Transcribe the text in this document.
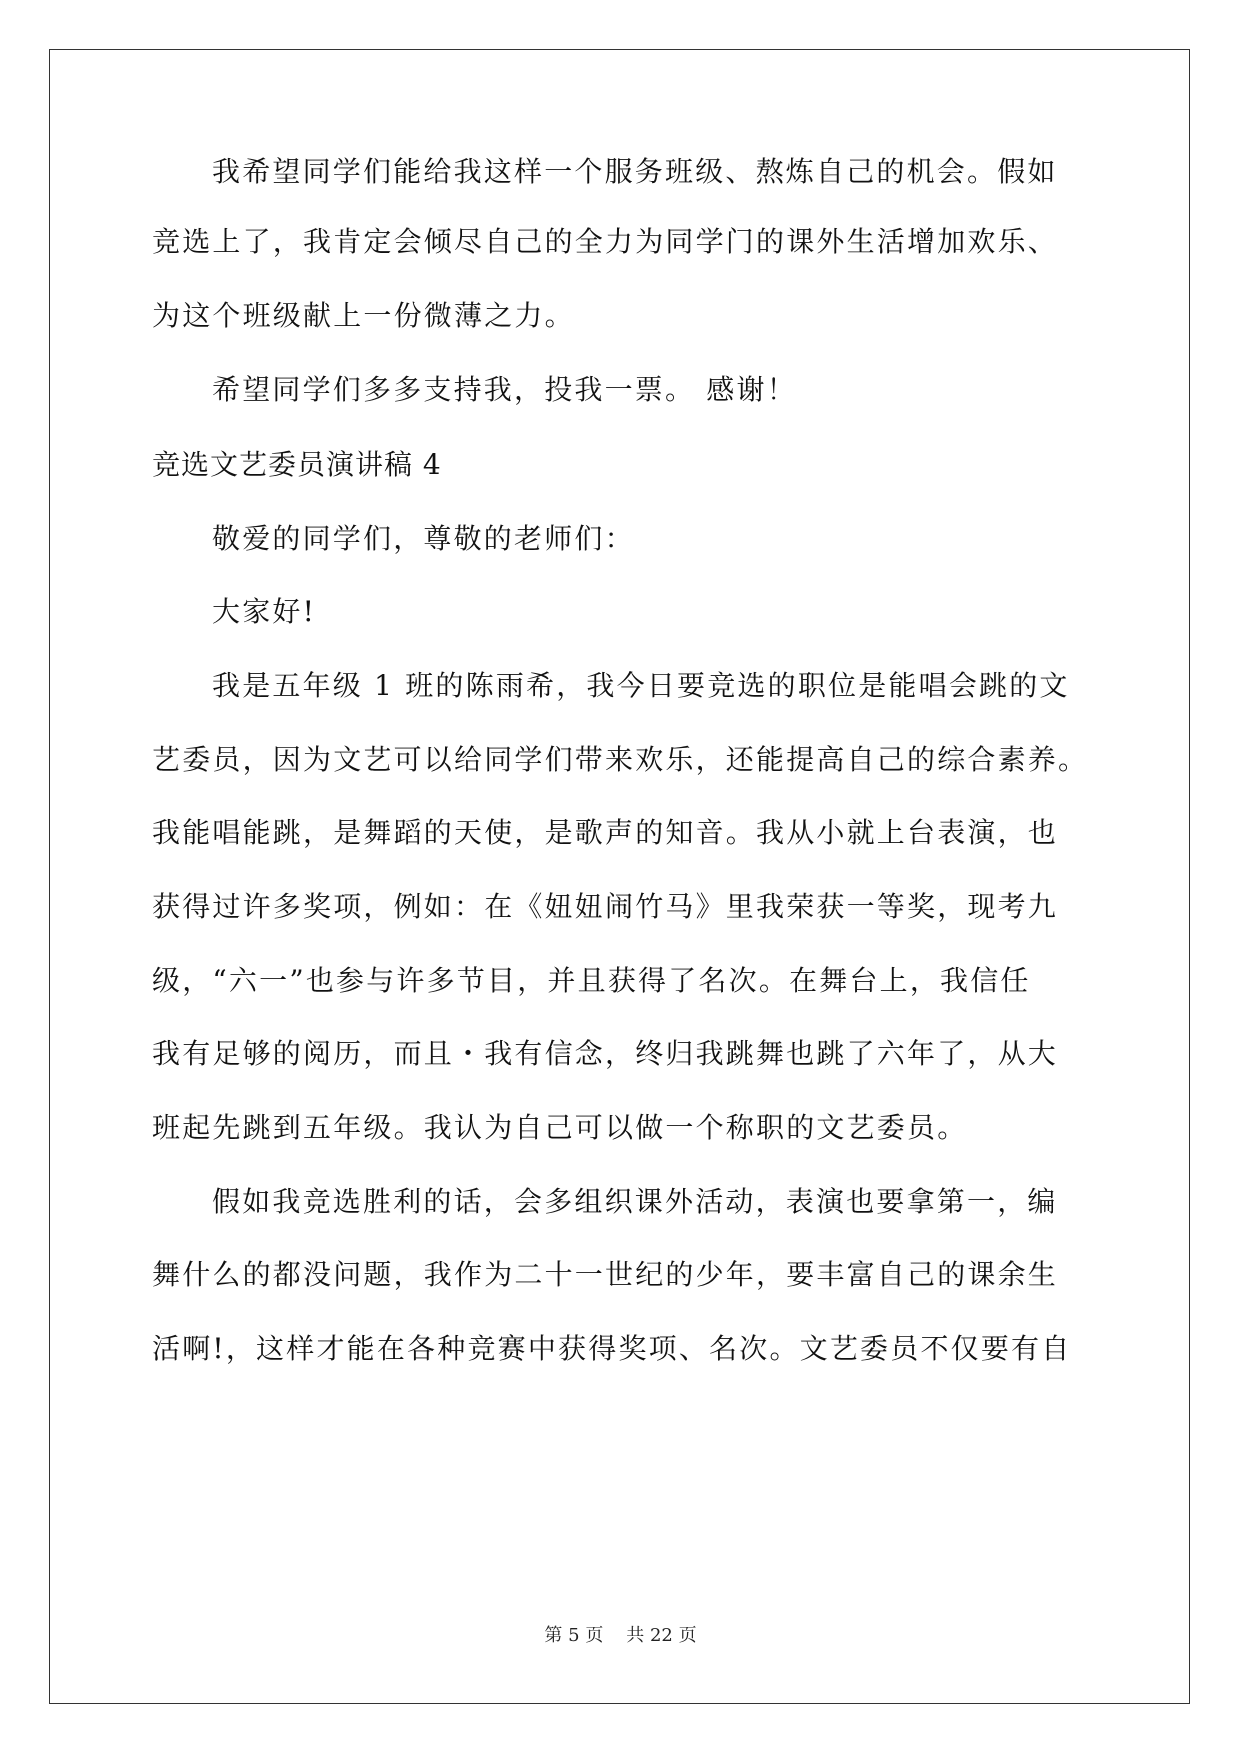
我希望同学们能给我这样一个服务班级、熬炼自己的机会。假如

竞选上了，我肯定会倾尽自己的全力为同学门的课外生活增加欢乐、

为这个班级献上一份微薄之力。

希望同学们多多支持我，投我一票。 感谢！

竞选文艺委员演讲稿 4

敬爱的同学们，尊敬的老师们：

大家好!

我是五年级 1 班的陈雨希，我今日要竞选的职位是能唱会跳的文

艺委员，因为文艺可以给同学们带来欢乐，还能提高自己的综合素养。

我能唱能跳，是舞蹈的天使，是歌声的知音。我从小就上台表演，也

获得过许多奖项，例如：在《妞妞闹竹马》里我荣获一等奖，现考九

级，“六一”也参与许多节目，并且获得了名次。在舞台上，我信任

我有足够的阅历，而且・我有信念，终归我跳舞也跳了六年了，从大

班起先跳到五年级。我认为自己可以做一个称职的文艺委员。

假如我竞选胜利的话，会多组织课外活动，表演也要拿第一，编

舞什么的都没问题，我作为二十一世纪的少年，要丰富自己的课余生

活啊!，这样才能在各种竞赛中获得奖项、名次。文艺委员不仅要有自

第 5 页 共 22 页
